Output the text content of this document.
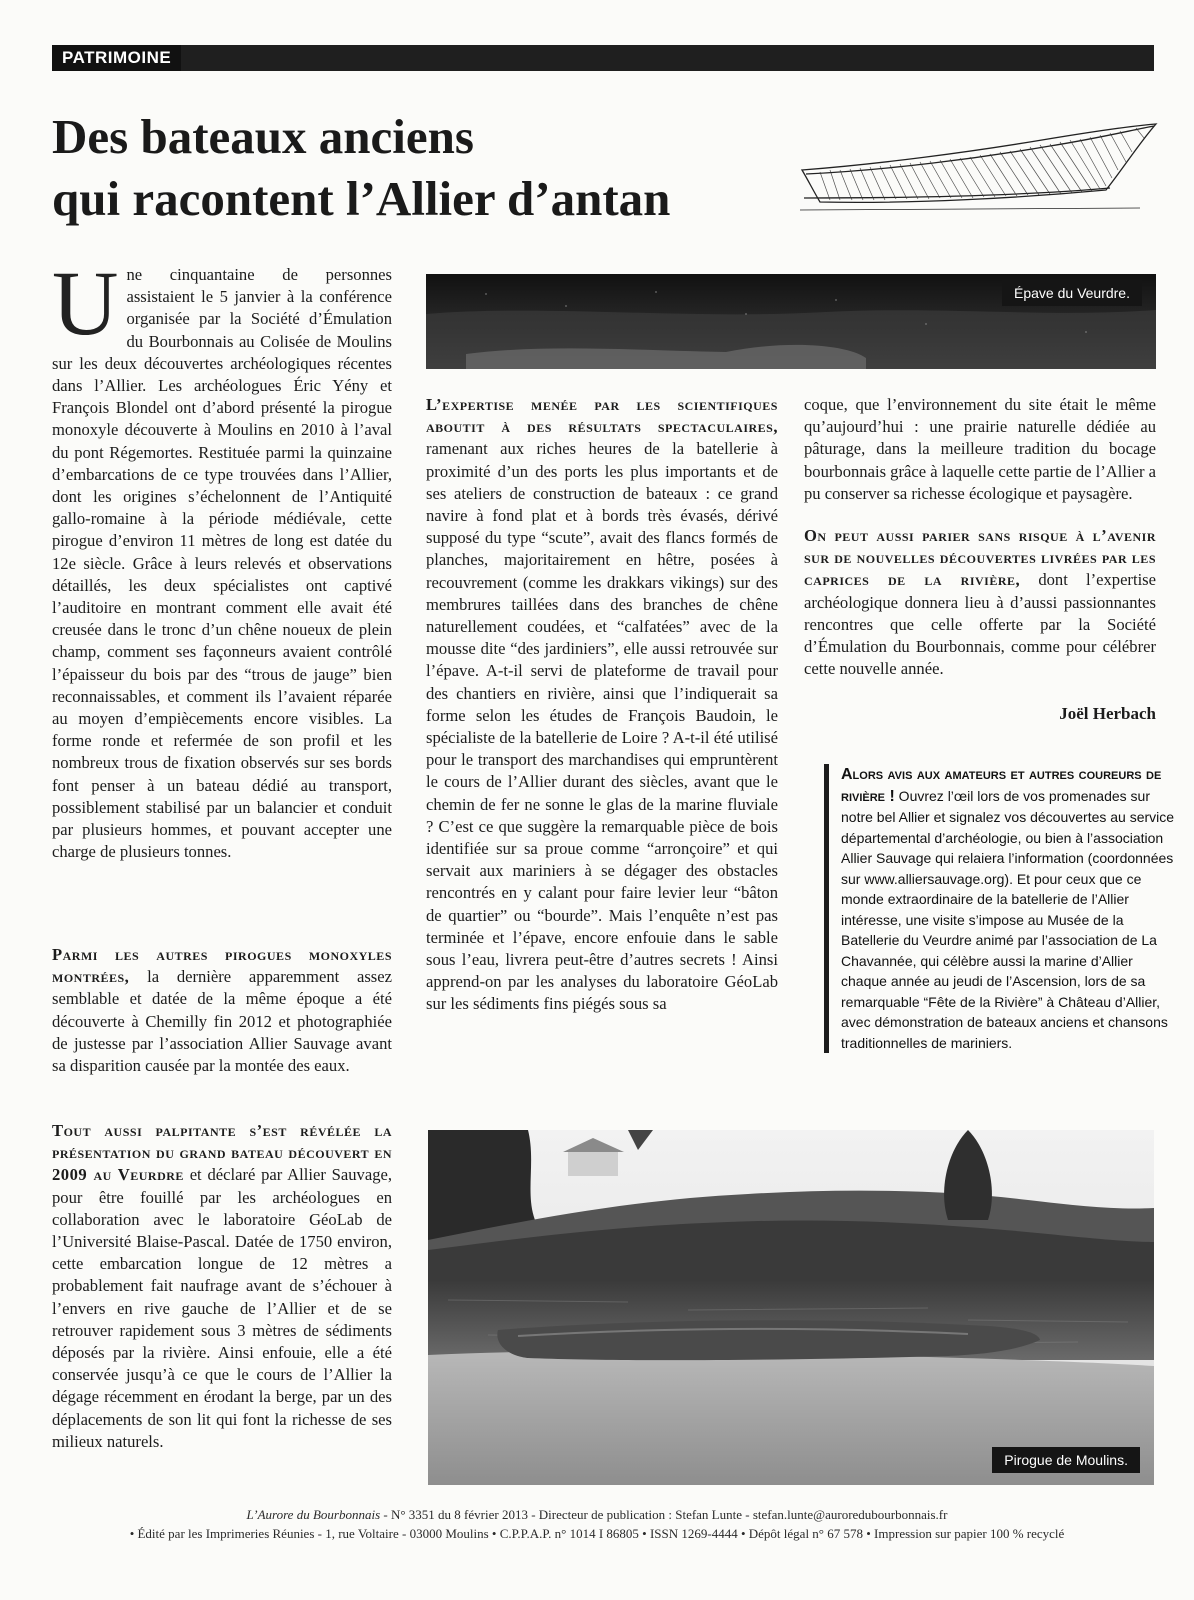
PATRIMOINE
Des bateaux anciens
qui racontent l’Allier d’antan

Une cinquantaine de personnes assistaient le 5 janvier à la conférence organisée par la Société d’Émulation du Bourbonnais au Colisée de Moulins sur les deux découvertes archéologiques récentes dans l’Allier. Les archéologues Éric Yény et François Blondel ont d’abord présenté la pirogue monoxyle découverte à Moulins en 2010 à l’aval du pont Régemortes. Restituée parmi la quinzaine d’embarcations de ce type trouvées dans l’Allier, dont les origines s’échelonnent de l’Antiquité gallo-romaine à la période médiévale, cette pirogue d’environ 11 mètres de long est datée du 12e siècle. Grâce à leurs relevés et observations détaillés, les deux spécialistes ont captivé l’auditoire en montrant comment elle avait été creusée dans le tronc d’un chêne noueux de plein champ, comment ses façonneurs avaient contrôlé l’épaisseur du bois par des “trous de jauge” bien reconnaissables, et comment ils l’avaient réparée au moyen d’empiècements encore visibles. La forme ronde et refermée de son profil et les nombreux trous de fixation observés sur ses bords font penser à un bateau dédié au transport, possiblement stabilisé par un balancier et conduit par plusieurs hommes, et pouvant accepter une charge de plusieurs tonnes.

Parmi les autres pirogues monoxyles montrées, la dernière apparemment assez semblable et datée de la même époque a été découverte à Chemilly fin 2012 et photographiée de justesse par l’association Allier Sauvage avant sa disparition causée par la montée des eaux.

Tout aussi palpitante s’est révélée la présentation du grand bateau découvert en 2009 au Veurdre et déclaré par Allier Sauvage, pour être fouillé par les archéologues en collaboration avec le laboratoire GéoLab de l’Université Blaise-Pascal. Datée de 1750 environ, cette embarcation longue de 12 mètres a probablement fait naufrage avant de s’échouer à l’envers en rive gauche de l’Allier et de se retrouver rapidement sous 3 mètres de sédiments déposés par la rivière. Ainsi enfouie, elle a été conservée jusqu’à ce que le cours de l’Allier la dégage récemment en érodant la berge, par un des déplacements de son lit qui font la richesse de ses milieux naturels.

Épave du Veurdre.

L’expertise menée par les scientifiques aboutit à des résultats spectaculaires, ramenant aux riches heures de la batellerie à proximité d’un des ports les plus importants et de ses ateliers de construction de bateaux : ce grand navire à fond plat et à bords très évasés, dérivé supposé du type “scute”, avait des flancs formés de planches, majoritairement en hêtre, posées à recouvrement (comme les drakkars vikings) sur des membrures taillées dans des branches de chêne naturellement coudées, et “calfatées” avec de la mousse dite “des jardiniers”, elle aussi retrouvée sur l’épave. A-t-il servi de plateforme de travail pour des chantiers en rivière, ainsi que l’indiquerait sa forme selon les études de François Baudoin, le spécialiste de la batellerie de Loire ? A-t-il été utilisé pour le transport des marchandises qui empruntèrent le cours de l’Allier durant des siècles, avant que le chemin de fer ne sonne le glas de la marine fluviale ? C’est ce que suggère la remarquable pièce de bois identifiée sur sa proue comme “arronçoire” et qui servait aux mariniers à se dégager des obstacles rencontrés en y calant pour faire levier leur “bâton de quartier” ou “bourde”. Mais l’enquête n’est pas terminée et l’épave, encore enfouie dans le sable sous l’eau, livrera peut-être d’autres secrets ! Ainsi apprend-on par les analyses du laboratoire GéoLab sur les sédiments fins piégés sous sa

coque, que l’environnement du site était le même qu’aujourd’hui : une prairie naturelle dédiée au pâturage, dans la meilleure tradition du bocage bourbonnais grâce à laquelle cette partie de l’Allier a pu conserver sa richesse écologique et paysagère.

On peut aussi parier sans risque à l’avenir sur de nouvelles découvertes livrées par les caprices de la rivière, dont l’expertise archéologique donnera lieu à d’aussi passionnantes rencontres que celle offerte par la Société d’Émulation du Bourbonnais, comme pour célébrer cette nouvelle année.

Joël Herbach
Alors avis aux amateurs et autres coureurs de rivière ! Ouvrez l’œil lors de vos promenades sur notre bel Allier et signalez vos découvertes au service départemental d’archéologie, ou bien à l’association Allier Sauvage qui relaiera l’information (coordonnées sur www.alliersauvage.org). Et pour ceux que ce monde extraordinaire de la batellerie de l’Allier intéresse, une visite s’impose au Musée de la Batellerie du Veurdre animé par l’association de La Chavannée, qui célèbre aussi la marine d’Allier chaque année au jeudi de l’Ascension, lors de sa remarquable “Fête de la Rivière” à Château d’Allier, avec démonstration de bateaux anciens et chansons traditionnelles de mariniers.
Pirogue de Moulins.
L’Aurore du Bourbonnais - N° 3351 du 8 février 2013 - Directeur de publication : Stefan Lunte - stefan.lunte@auroredubourbonnais.fr
• Édité par les Imprimeries Réunies - 1, rue Voltaire - 03000 Moulins • C.P.P.A.P. n° 1014 I 86805 • ISSN 1269-4444 • Dépôt légal n° 67 578 • Impression sur papier 100 % recyclé
